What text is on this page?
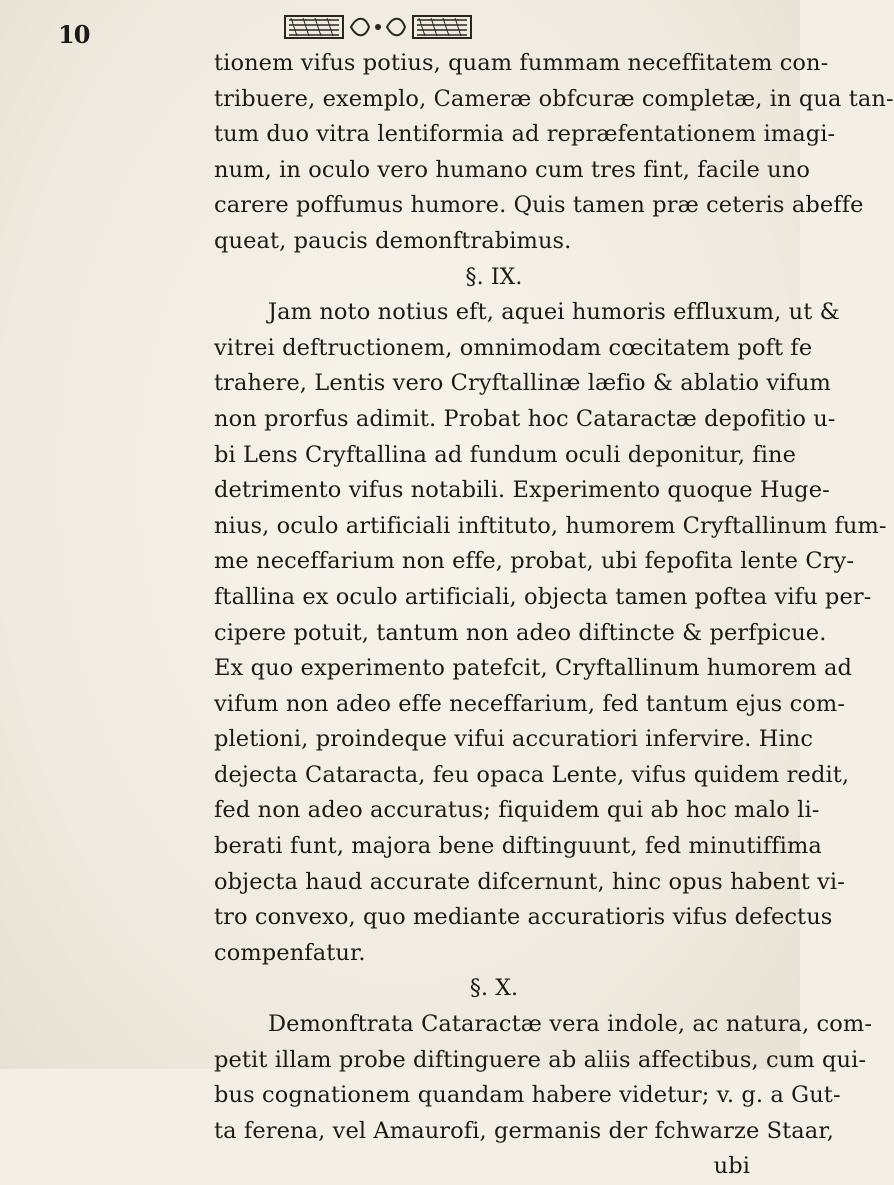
10
tionem vifus potius, quam fummam neceffitatem con-
tribuere, exemplo, Cameræ obfcuræ completæ, in qua tan-
tum duo vitra lentiformia ad repræfentationem imagi-
num, in oculo vero humano cum tres fint, facile uno
carere poffumus humore. Quis tamen præ ceteris abeffe
queat, paucis demonftrabimus.
§. IX.
Jam noto notius eft, aquei humoris effluxum, ut &
vitrei deftructionem, omnimodam cœcitatem poft fe
trahere, Lentis vero Cryftallinæ læfio & ablatio vifum
non prorfus adimit. Probat hoc Cataractæ depofitio u-
bi Lens Cryftallina ad fundum oculi deponitur, fine
detrimento vifus notabili. Experimento quoque Huge-
nius, oculo artificiali inftituto, humorem Cryftallinum fum-
me neceffarium non effe, probat, ubi fepofita lente Cry-
ftallina ex oculo artificiali, objecta tamen poftea vifu per-
cipere potuit, tantum non adeo diftincte & perfpicue.
Ex quo experimento patefcit, Cryftallinum humorem ad
vifum non adeo effe neceffarium, fed tantum ejus com-
pletioni, proindeque vifui accuratiori infervire. Hinc
dejecta Cataracta, feu opaca Lente, vifus quidem redit,
fed non adeo accuratus; fiquidem qui ab hoc malo li-
berati funt, majora bene diftinguunt, fed minutiffima
objecta haud accurate difcernunt, hinc opus habent vi-
tro convexo, quo mediante accuratioris vifus defectus
compenfatur.
§. X.
Demonftrata Cataractæ vera indole, ac natura, com-
petit illam probe diftinguere ab aliis affectibus, cum qui-
bus cognationem quandam habere videtur; v. g. a Gut-
ta ferena, vel Amaurofi, germanis der fchwarze Staar,
ubi
